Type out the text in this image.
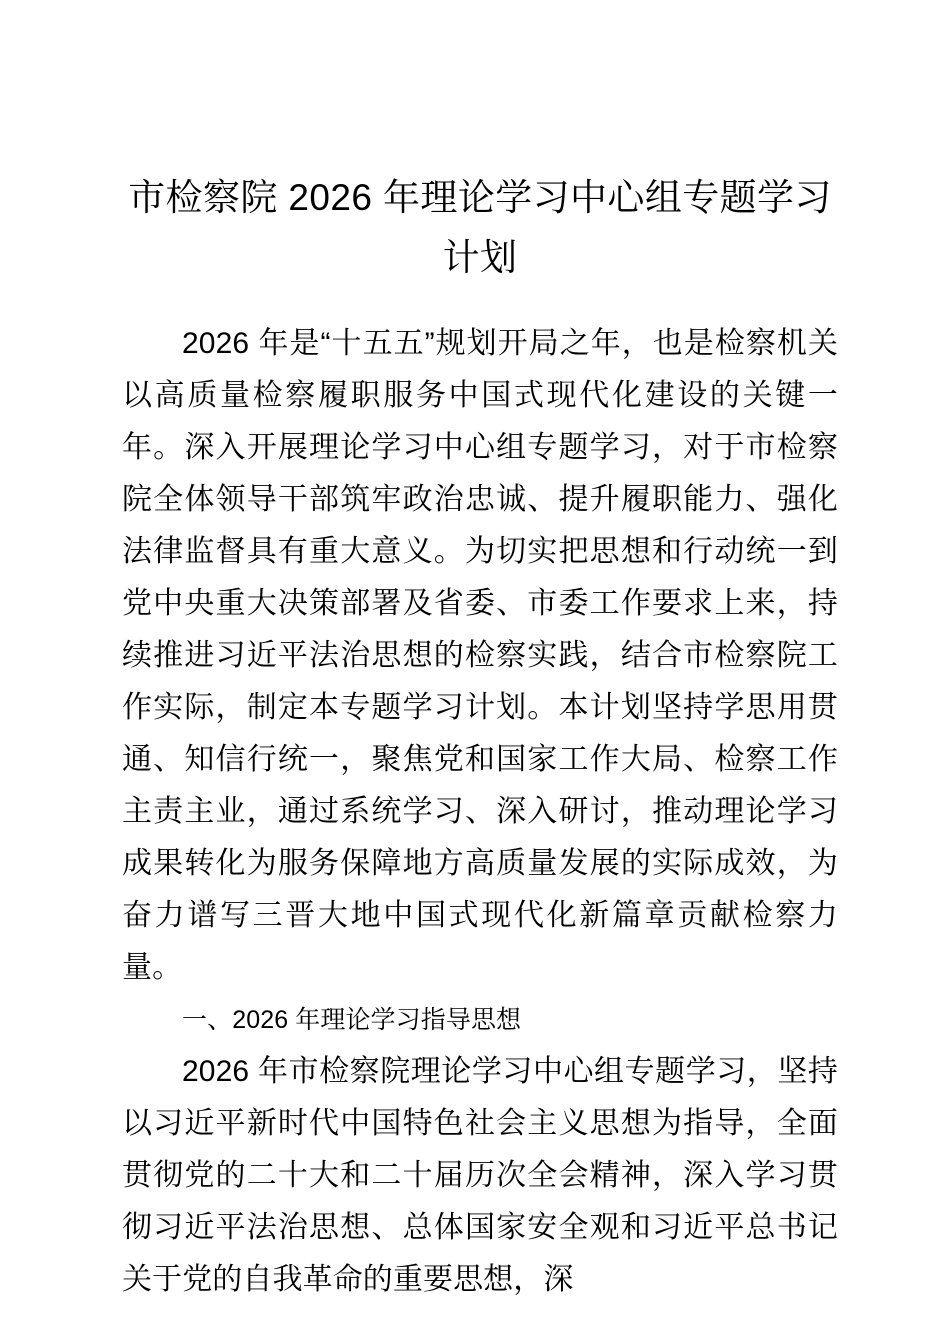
市检察院 2026 年理论学习中心组专题学习
计划

2026 年是“十五五”规划开局之年，也是检察机关以高质量检察履职服务中国式现代化建设的关键一年。深入开展理论学习中心组专题学习，对于市检察院全体领导干部筑牢政治忠诚、提升履职能力、强化法律监督具有重大意义。为切实把思想和行动统一到党中央重大决策部署及省委、市委工作要求上来，持续推进习近平法治思想的检察实践，结合市检察院工作实际，制定本专题学习计划。本计划坚持学思用贯通、知信行统一，聚焦党和国家工作大局、检察工作主责主业，通过系统学习、深入研讨，推动理论学习成果转化为服务保障地方高质量发展的实际成效，为奋力谱写三晋大地中国式现代化新篇章贡献检察力量。

一、2026 年理论学习指导思想

2026 年市检察院理论学习中心组专题学习，坚持以习近平新时代中国特色社会主义思想为指导，全面贯彻党的二十大和二十届历次全会精神，深入学习贯彻习近平法治思想、总体国家安全观和习近平总书记关于党的自我革命的重要思想，深
